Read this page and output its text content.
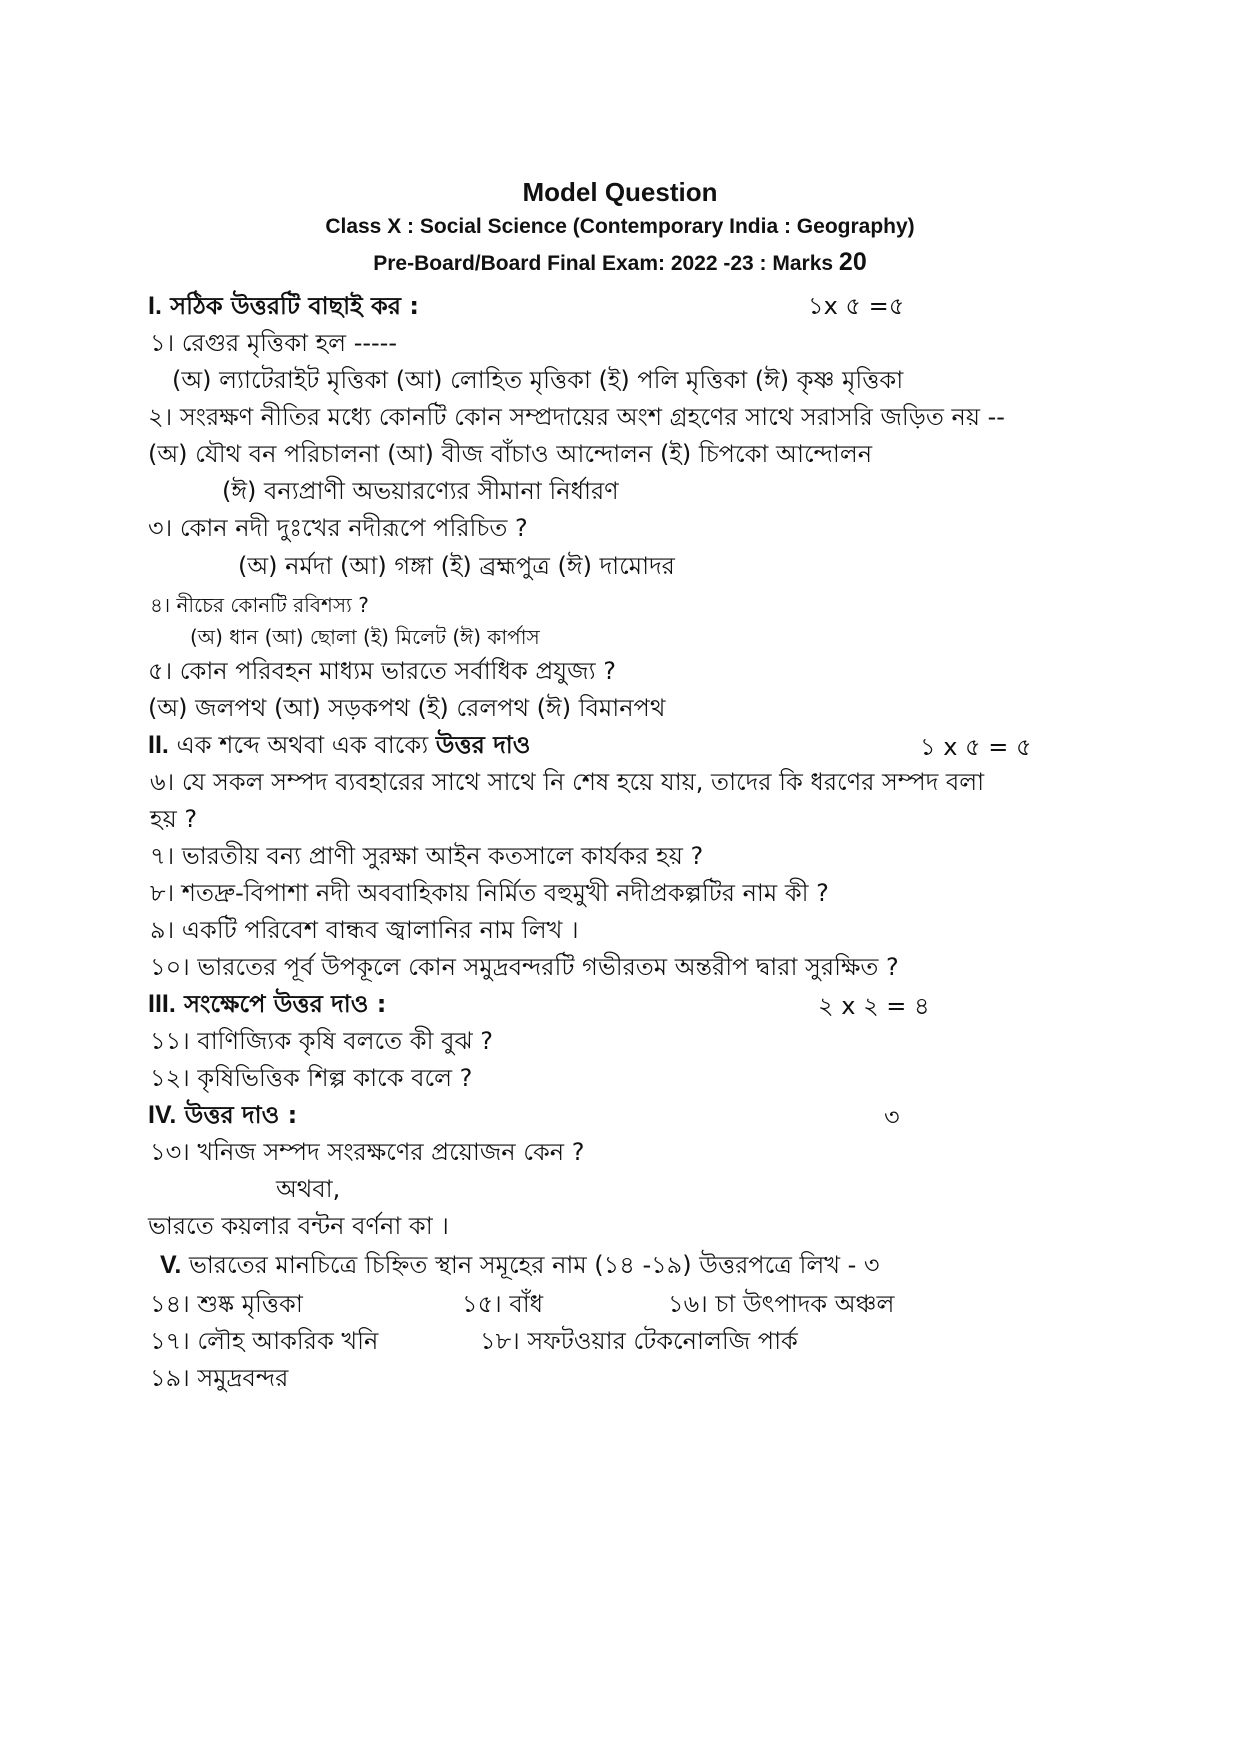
Model Question
Class X : Social Science (Contemporary India : Geography)
Pre-Board/Board Final Exam: 2022 -23 : Marks 20
I. সঠিক উত্তরটি বাছাই কর :	১x ৫ =৫
১। রেগুর মৃত্তিকা হল -----
(অ) ল্যাটেরাইট মৃত্তিকা (আ) লোহিত মৃত্তিকা (ই) পলি মৃত্তিকা (ঈ) কৃষ্ণ মৃত্তিকা
২। সংরক্ষণ নীতির মধ্যে কোনটি কোন সম্প্রদায়ের অংশ গ্রহণের সাথে সরাসরি জড়িত নয় --
(অ) যৌথ বন পরিচালনা (আ) বীজ বাঁচাও আন্দোলন (ই) চিপকো আন্দোলন
(ঈ) বন্যপ্রাণী অভয়ারণ্যের সীমানা নির্ধারণ
৩। কোন নদী দুঃখের নদীরূপে পরিচিত ?
(অ) নর্মদা (আ) গঙ্গা (ই) ব্রহ্মপুত্র (ঈ) দামোদর
৪। নীচের কোনটি রবিশস্য ?
(অ) ধান (আ) ছোলা (ই) মিলেট (ঈ) কার্পাস
৫। কোন পরিবহন মাধ্যম ভারতে সর্বাধিক প্রযুজ্য ?
(অ) জলপথ (আ) সড়কপথ (ই) রেলপথ (ঈ) বিমানপথ
II. এক শব্দে অথবা এক বাক্যে উত্তর দাও	১ x ৫ = ৫
৬। যে সকল সম্পদ ব্যবহারের সাথে সাথে নি শেষ হয়ে যায়, তাদের কি ধরণের সম্পদ বলা
হয় ?
৭। ভারতীয় বন্য প্রাণী সুরক্ষা আইন কতসালে কার্যকর হয় ?
৮। শতদ্রু-বিপাশা নদী অববাহিকায় নির্মিত বহুমুখী নদীপ্রকল্পটির নাম কী ?
৯। একটি পরিবেশ বান্ধব জ্বালানির নাম লিখ ।
১০। ভারতের পূর্ব উপকূলে কোন সমুদ্রবন্দরটি গভীরতম অন্তরীপ দ্বারা সুরক্ষিত ?
III. সংক্ষেপে উত্তর দাও :	২ x ২ = ৪
১১। বাণিজ্যিক কৃষি বলতে কী বুঝ ?
১২। কৃষিভিত্তিক শিল্প কাকে বলে ?
IV. উত্তর দাও :	৩
১৩। খনিজ সম্পদ সংরক্ষণের প্রয়োজন কেন ?
অথবা,
ভারতে কয়লার বন্টন বর্ণনা কা ।
V. ভারতের মানচিত্রে চিহ্নিত স্থান সমূহের নাম (১৪ -১৯) উত্তরপত্রে লিখ - ৩
১৪। শুষ্ক মৃত্তিকা	১৫। বাঁধ	১৬। চা উৎপাদক অঞ্চল
১৭। লৌহ আকরিক খনি	১৮। সফটওয়ার টেকনোলজি পার্ক
১৯। সমুদ্রবন্দর
